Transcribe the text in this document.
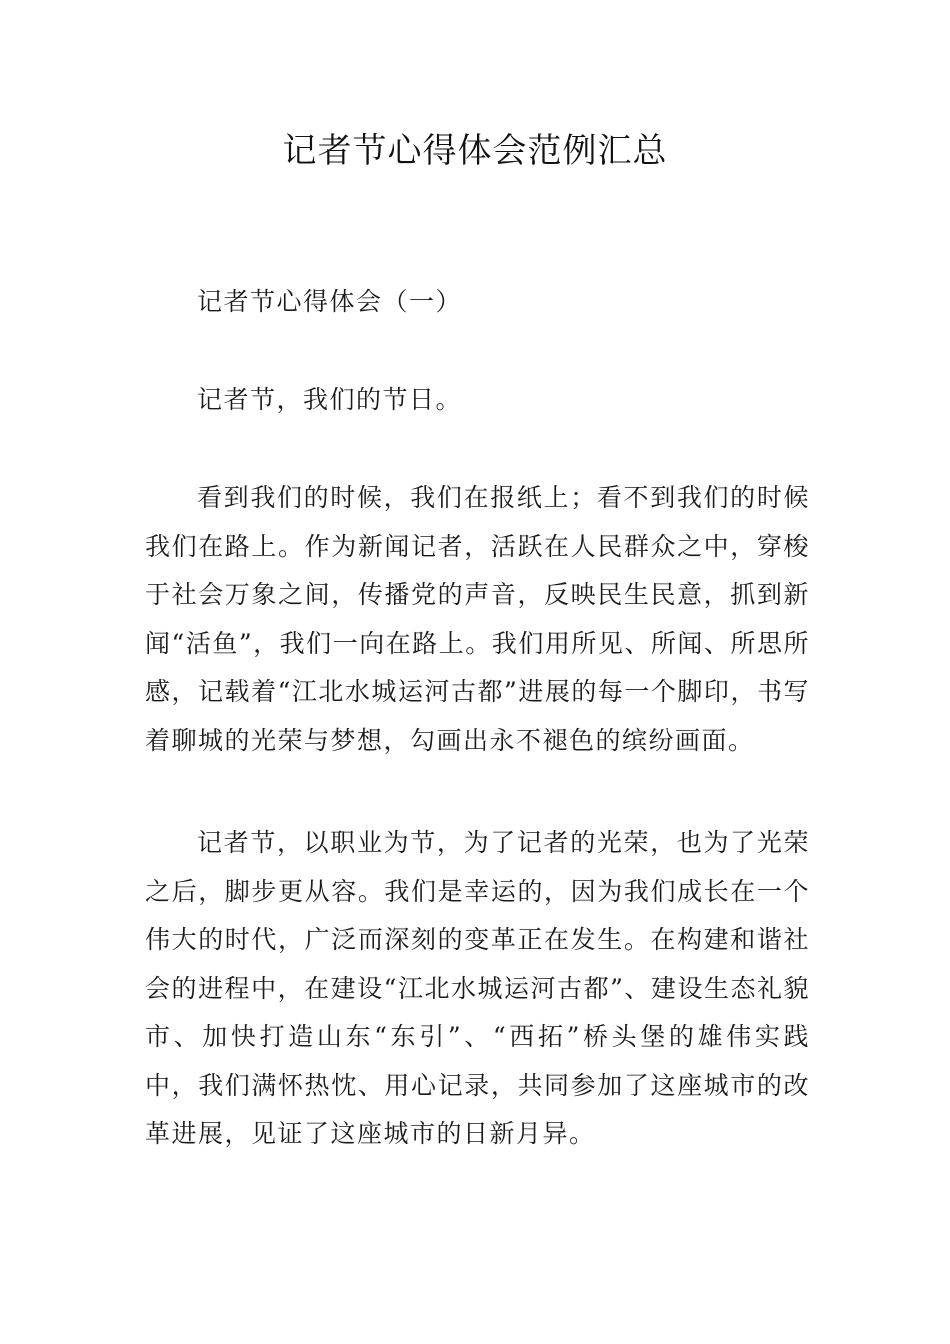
记者节心得体会范例汇总

记者节心得体会（一）

记者节，我们的节日。

看到我们的时候，我们在报纸上；看不到我们的时候我们在路上。作为新闻记者，活跃在人民群众之中，穿梭于社会万象之间，传播党的声音，反映民生民意，抓到新闻“活鱼”，我们一向在路上。我们用所见、所闻、所思所感，记载着“江北水城运河古都”进展的每一个脚印，书写着聊城的光荣与梦想，勾画出永不褪色的缤纷画面。

记者节，以职业为节，为了记者的光荣，也为了光荣之后，脚步更从容。我们是幸运的，因为我们成长在一个伟大的时代，广泛而深刻的变革正在发生。在构建和谐社会的进程中，在建设“江北水城运河古都”、建设生态礼貌市、加快打造山东“东引”、“西拓”桥头堡的雄伟实践中，我们满怀热忱、用心记录，共同参加了这座城市的改革进展，见证了这座城市的日新月异。
